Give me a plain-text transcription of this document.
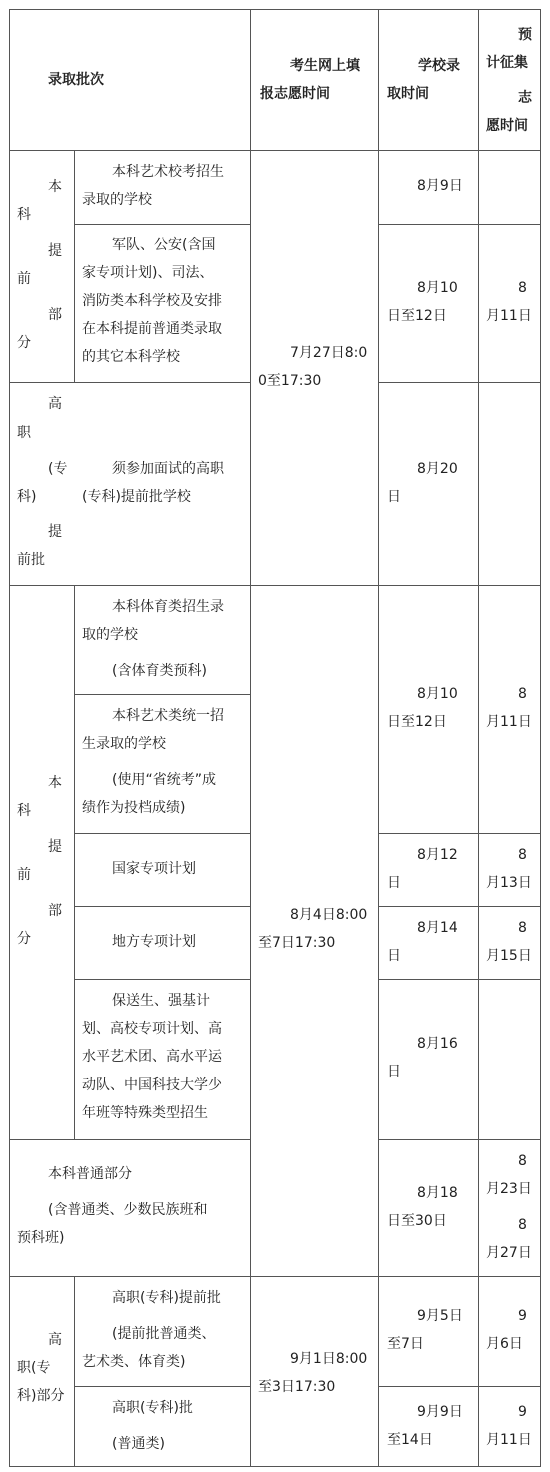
录取批次
考生网上填
报志愿时间
学校录
取时间
预
计征集
志
愿时间
本
科
提
前
部
分
本科艺术校考招生
录取的学校
8月9日
军队、公安(含国
家专项计划)、司法、
消防类本科学校及安排
在本科提前普通类录取
的其它本科学校
8月10
日至12日
8
月11日
7月27日8:0
0至17:30
高
职
(专
科)
提
前批
须参加面试的高职
(专科)提前批学校
8月20
日
本
科
提
前
部
分
本科体育类招生录
取的学校
(含体育类预科)
本科艺术类统一招
生录取的学校
(使用“省统考”成
绩作为投档成绩)
8月10
日至12日
8
月11日
国家专项计划
8月12
日
8
月13日
地方专项计划
8月14
日
8
月15日
保送生、强基计
划、高校专项计划、高
水平艺术团、高水平运
动队、中国科技大学少
年班等特殊类型招生
8月16
日
8月4日8:00
至7日17:30
本科普通部分
(含普通类、少数民族班和
预科班)
8月18
日至30日
8
月23日
8
月27日
高
职(专
科)部分
高职(专科)提前批
(提前批普通类、
艺术类、体育类)
9月5日
至7日
9
月6日
高职(专科)批
(普通类)
9月9日
至14日
9
月11日
9月1日8:00
至3日17:30
